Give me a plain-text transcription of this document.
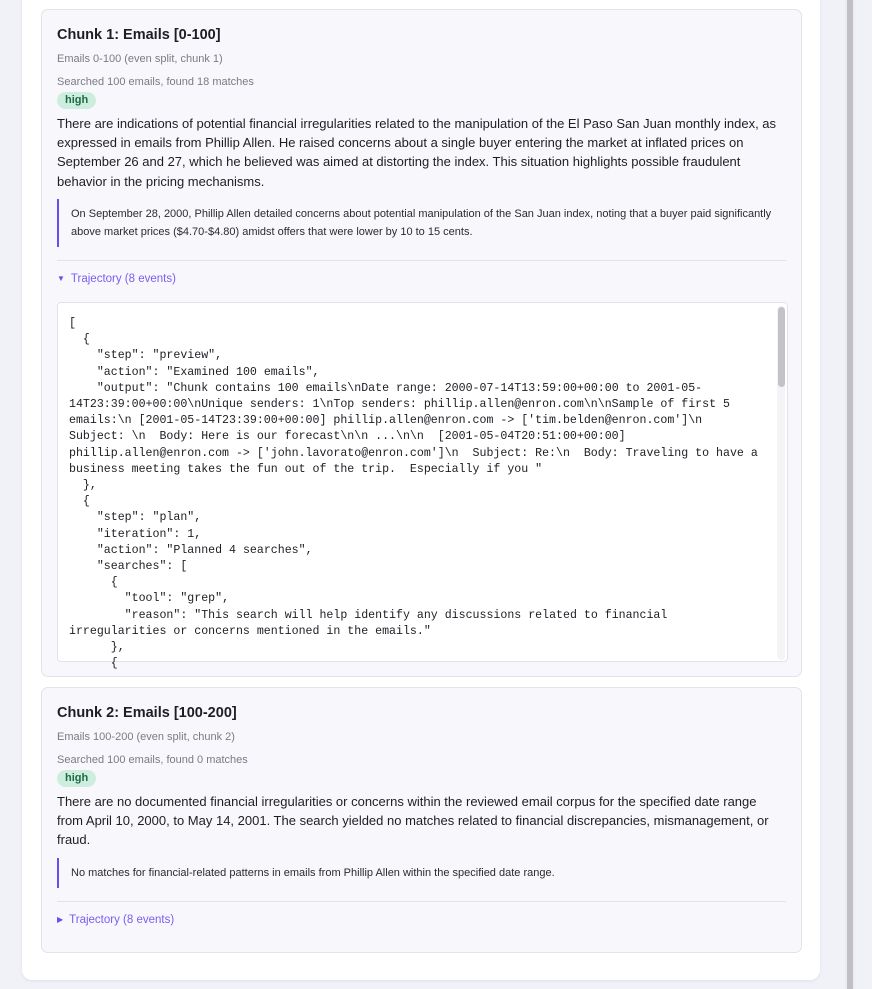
Chunk 1: Emails [0-100]
Emails 0-100 (even split, chunk 1)
Searched 100 emails, found 18 matches
high

There are indications of potential financial irregularities related to the manipulation of the El Paso San Juan monthly index, as expressed in emails from Phillip Allen. He raised concerns about a single buyer entering the market at inflated prices on September 26 and 27, which he believed was aimed at distorting the index. This situation highlights possible fraudulent behavior in the pricing mechanisms.

On September 28, 2000, Phillip Allen detailed concerns about potential manipulation of the San Juan index, noting that a buyer paid significantly above market prices ($4.70-$4.80) amidst offers that were lower by 10 to 15 cents.
▼ Trajectory (8 events)
[
{
"step": "preview",
"action": "Examined 100 emails",
"output": "Chunk contains 100 emails\nDate range: 2000-07-14T13:59:00+00:00 to 2001-05-14T23:39:00+00:00\nUnique senders: 1\nTop senders: phillip.allen@enron.com\n\nSample of first 5 emails:\n [2001-05-14T23:39:00+00:00] phillip.allen@enron.com -> ['tim.belden@enron.com']\n  Subject: \n  Body: Here is our forecast\n\n ...\n\n  [2001-05-04T20:51:00+00:00] phillip.allen@enron.com -> ['john.lavorato@enron.com']\n  Subject: Re:\n  Body: Traveling to have a business meeting takes the fun out of the trip.  Especially if you "
},
{
"step": "plan",
"iteration": 1,
"action": "Planned 4 searches",
"searches": [
{
"tool": "grep",
"reason": "This search will help identify any discussions related to financial irregularities or concerns mentioned in the emails."
},
{
Chunk 2: Emails [100-200]
Emails 100-200 (even split, chunk 2)
Searched 100 emails, found 0 matches
high

There are no documented financial irregularities or concerns within the reviewed email corpus for the specified date range from April 10, 2000, to May 14, 2001. The search yielded no matches related to financial discrepancies, mismanagement, or fraud.

No matches for financial-related patterns in emails from Phillip Allen within the specified date range.
▶ Trajectory (8 events)
